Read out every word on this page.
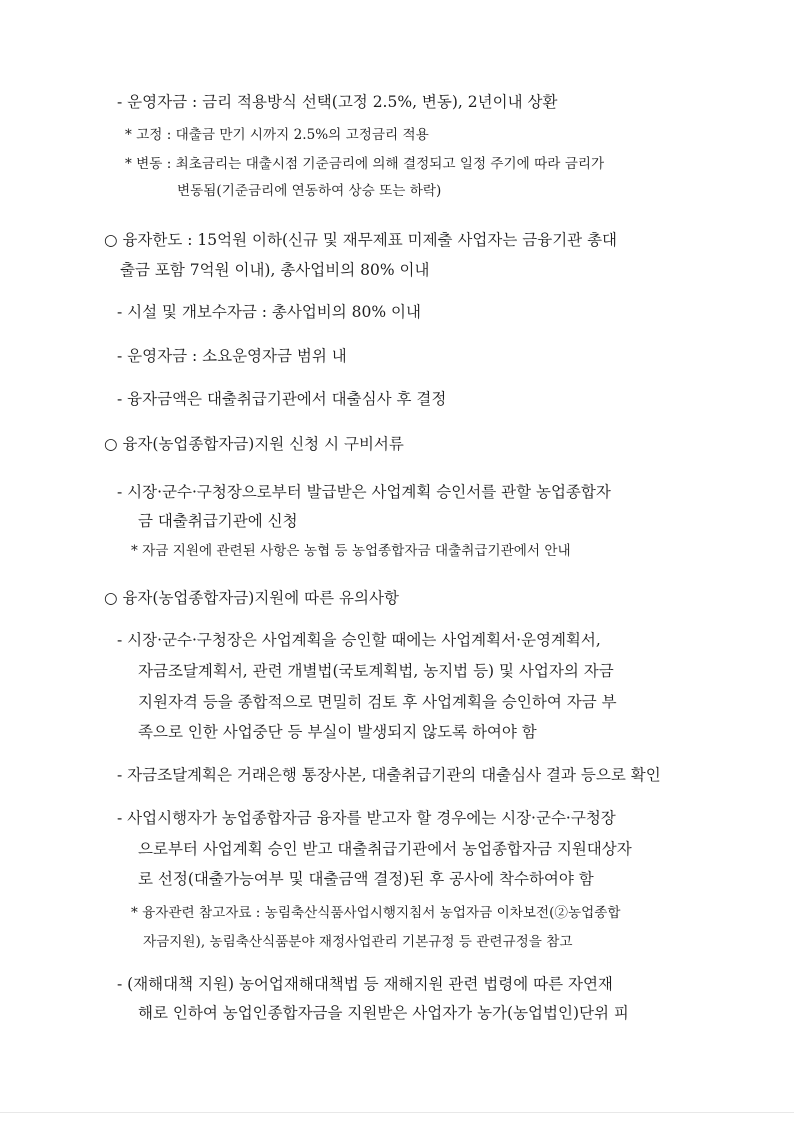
- 운영자금 : 금리 적용방식 선택(고정 2.5%, 변동), 2년이내 상환

* 고정 : 대출금 만기 시까지 2.5%의 고정금리 적용

* 변동 : 최초금리는 대출시점 기준금리에 의해 결정되고 일정 주기에 따라 금리가

변동됨(기준금리에 연동하여 상승 또는 하락)

○ 융자한도 : 15억원 이하(신규 및 재무제표 미제출 사업자는 금융기관 총대

출금 포함 7억원 이내), 총사업비의 80% 이내

- 시설 및 개보수자금 : 총사업비의 80% 이내

- 운영자금 : 소요운영자금 범위 내

- 융자금액은 대출취급기관에서 대출심사 후 결정

○ 융자(농업종합자금)지원 신청 시 구비서류

- 시장·군수·구청장으로부터 발급받은 사업계획 승인서를 관할 농업종합자

금 대출취급기관에 신청

* 자금 지원에 관련된 사항은 농협 등 농업종합자금 대출취급기관에서 안내

○ 융자(농업종합자금)지원에 따른 유의사항

- 시장·군수·구청장은 사업계획을 승인할 때에는 사업계획서·운영계획서,

자금조달계획서, 관련 개별법(국토계획법, 농지법 등) 및 사업자의 자금

지원자격 등을 종합적으로 면밀히 검토 후 사업계획을 승인하여 자금 부

족으로 인한 사업중단 등 부실이 발생되지 않도록 하여야 함

- 자금조달계획은 거래은행 통장사본, 대출취급기관의 대출심사 결과 등으로 확인

- 사업시행자가 농업종합자금 융자를 받고자 할 경우에는 시장·군수·구청장

으로부터 사업계획 승인 받고 대출취급기관에서 농업종합자금 지원대상자

로 선정(대출가능여부 및 대출금액 결정)된 후 공사에 착수하여야 함

* 융자관련 참고자료 : 농림축산식품사업시행지침서 농업자금 이차보전(②농업종합

자금지원), 농림축산식품분야 재정사업관리 기본규정 등 관련규정을 참고

- (재해대책 지원) 농어업재해대책법 등 재해지원 관련 법령에 따른 자연재

해로 인하여 농업인종합자금을 지원받은 사업자가 농가(농업법인)단위 피
